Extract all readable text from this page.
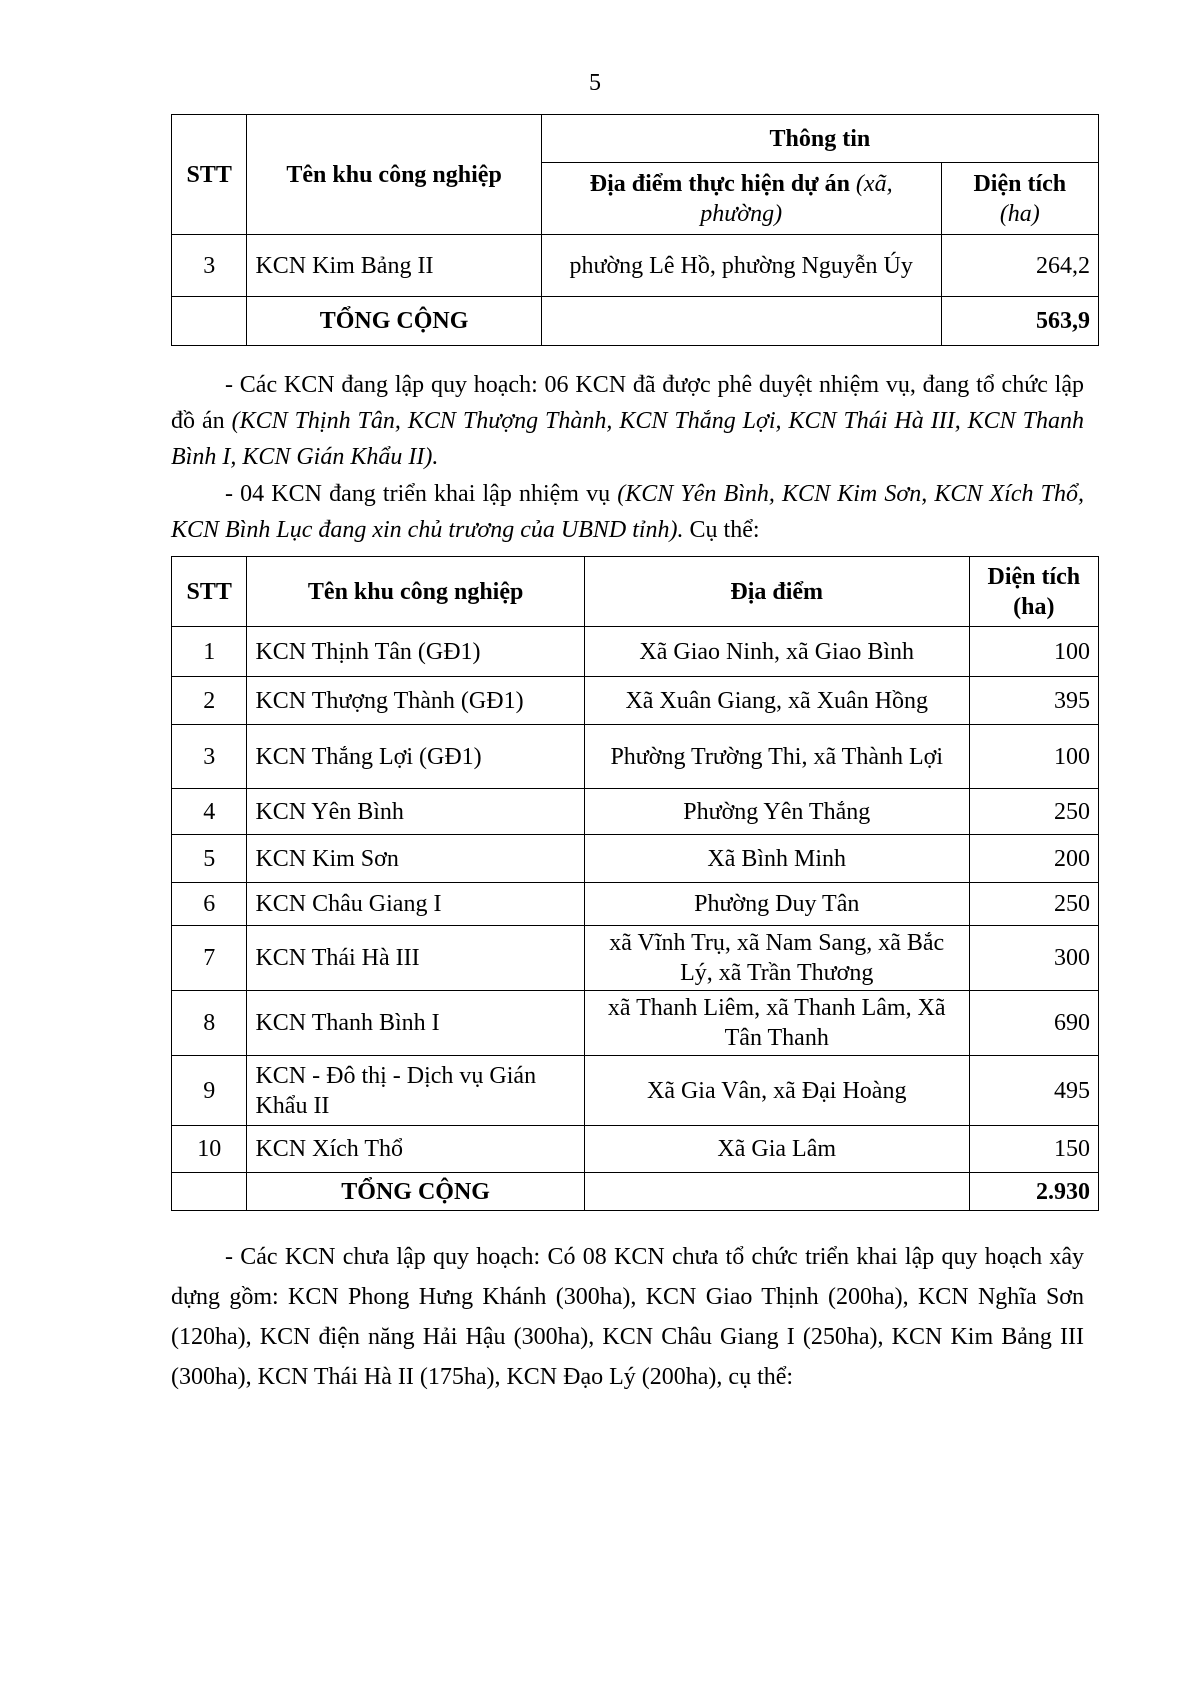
5
STT	Tên khu công nghiệp	Thông tin	
		Địa điểm thực hiện dự án (xã, phường)	Diện tích
(ha)
3	KCN Kim Bảng II	phường Lê Hồ, phường Nguyễn Úy	264,2
	TỔNG CỘNG		563,9
- Các KCN đang lập quy hoạch: 06 KCN đã được phê duyệt nhiệm vụ, đang tổ chức lập đồ án (KCN Thịnh Tân, KCN Thượng Thành, KCN Thắng Lợi, KCN Thái Hà III, KCN Thanh Bình I, KCN Gián Khẩu II).
- 04 KCN đang triển khai lập nhiệm vụ (KCN Yên Bình, KCN Kim Sơn, KCN Xích Thổ, KCN Bình Lục đang xin chủ trương của UBND tỉnh). Cụ thể:
STT	Tên khu công nghiệp	Địa điểm	Diện tích (ha)
1	KCN Thịnh Tân (GĐ1)	Xã Giao Ninh, xã Giao Bình	100
2	KCN Thượng Thành (GĐ1)	Xã Xuân Giang, xã Xuân Hồng	395
3	KCN Thắng Lợi (GĐ1)	Phường Trường Thi, xã Thành Lợi	100
4	KCN Yên Bình	Phường Yên Thắng	250
5	KCN Kim Sơn	Xã Bình Minh	200
6	KCN Châu Giang I	Phường Duy Tân	250
7	KCN Thái Hà III	xã Vĩnh Trụ, xã Nam Sang, xã Bắc Lý, xã Trần Thương	300
8	KCN Thanh Bình I	xã Thanh Liêm, xã Thanh Lâm, Xã Tân Thanh	690
9	KCN - Đô thị - Dịch vụ Gián Khẩu II	Xã Gia Vân, xã Đại Hoàng	495
10	KCN Xích Thổ	Xã Gia Lâm	150
	TỔNG CỘNG		2.930
- Các KCN chưa lập quy hoạch: Có 08 KCN chưa tổ chức triển khai lập quy hoạch xây dựng gồm: KCN Phong Hưng Khánh (300ha), KCN Giao Thịnh (200ha), KCN Nghĩa Sơn (120ha), KCN điện năng Hải Hậu (300ha), KCN Châu Giang I (250ha), KCN Kim Bảng III (300ha), KCN Thái Hà II (175ha), KCN Đạo Lý (200ha), cụ thể:
